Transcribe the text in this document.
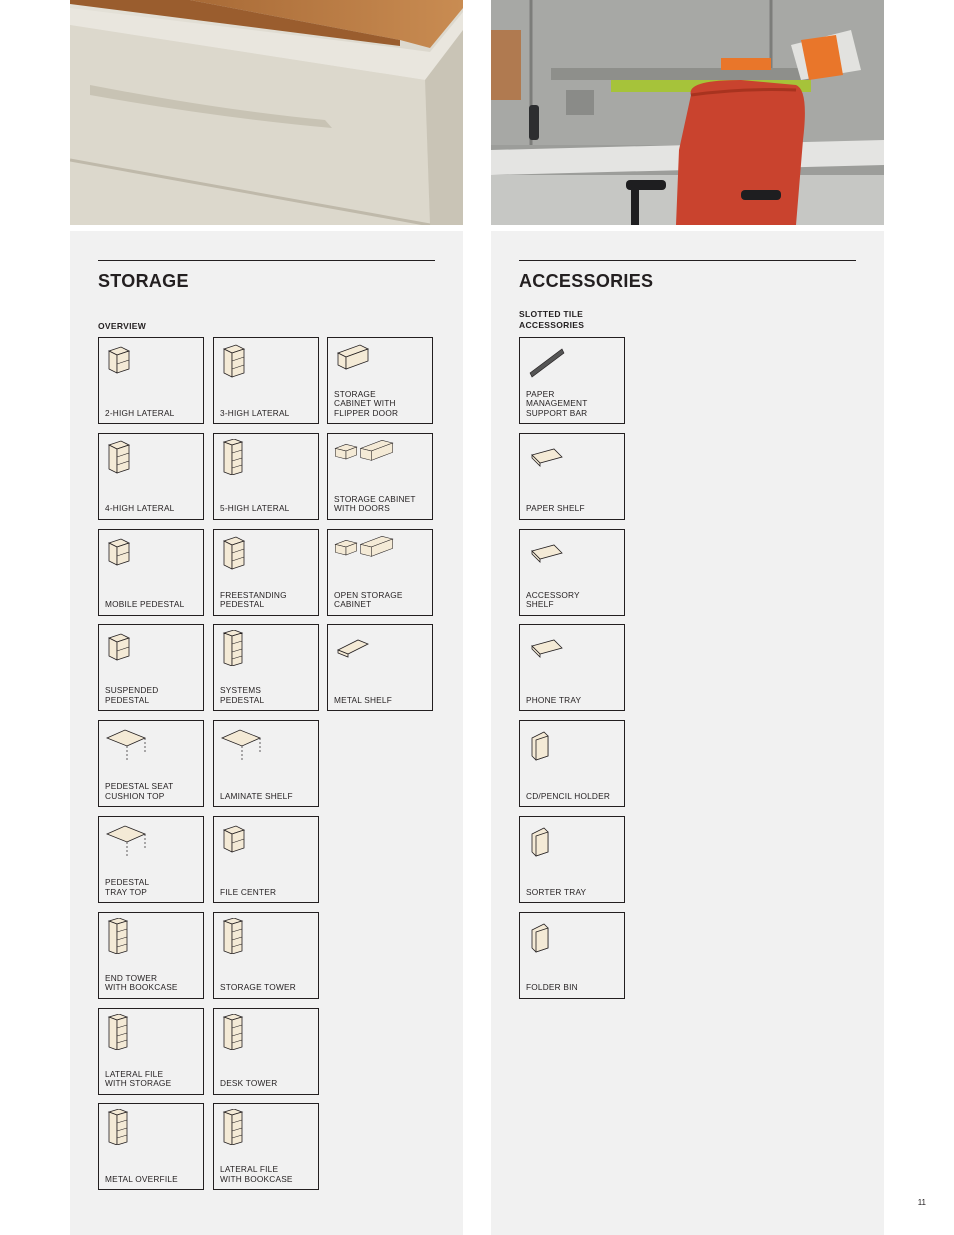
STORAGE
OVERVIEW
2-HIGH LATERAL	3-HIGH LATERAL
STORAGE
CABINET WITH
FLIPPER DOOR
4-HIGH LATERAL	5-HIGH LATERAL
STORAGE CABINET
WITH DOORS
MOBILE PEDESTAL
FREESTANDING
PEDESTAL
OPEN STORAGE
CABINET
SUSPENDED
PEDESTAL
SYSTEMS
PEDESTAL	METAL SHELF
PEDESTAL SEAT
CUSHION TOP	LAMINATE SHELF
PEDESTAL
TRAY TOP	FILE CENTER
END TOWER
WITH BOOKCASE	STORAGE TOWER
LATERAL FILE
WITH STORAGE	DESK TOWER
METAL OVERFILE
LATERAL FILE
WITH BOOKCASE
ACCESSORIES
SLOTTED TILE
ACCESSORIES
PAPER
MANAGEMENT
SUPPORT BAR
PAPER SHELF
ACCESSORY
SHELF
PHONE TRAY
CD/PENCIL HOLDER
SORTER TRAY
FOLDER BIN
11
